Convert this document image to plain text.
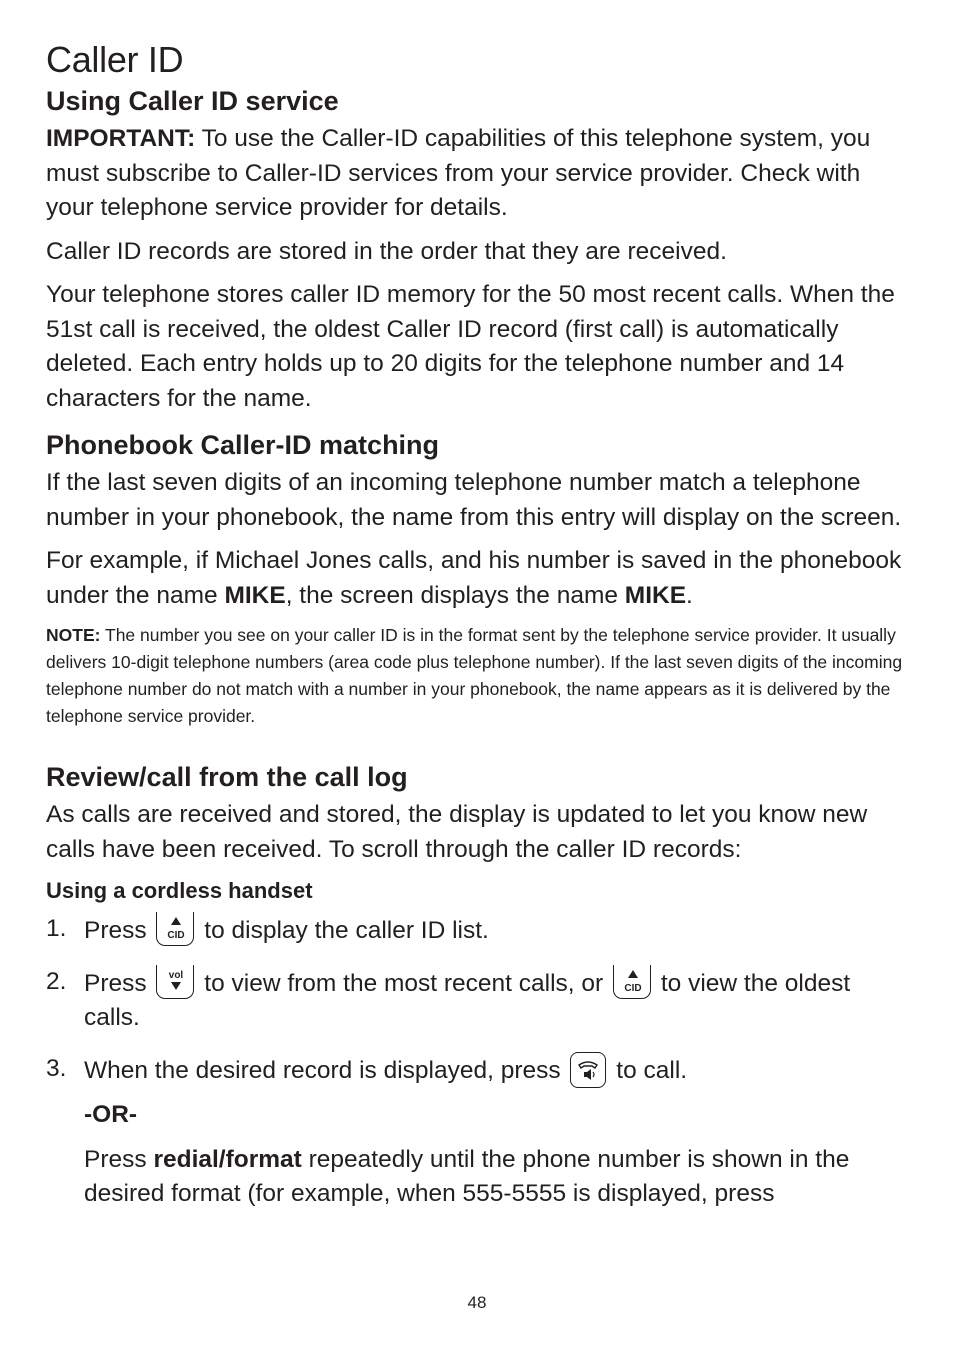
Caller ID
Using Caller ID service

IMPORTANT: To use the Caller-ID capabilities of this telephone system, you must subscribe to Caller-ID services from your service provider. Check with your telephone service provider for details.

Caller ID records are stored in the order that they are received.

Your telephone stores caller ID memory for the 50 most recent calls. When the 51st call is received, the oldest Caller ID record (first call) is automatically deleted. Each entry holds up to 20 digits for the telephone number and 14 characters for the name.

Phonebook Caller-ID matching

If the last seven digits of an incoming telephone number match a telephone number in your phonebook, the name from this entry will display on the screen.

For example, if Michael Jones calls, and his number is saved in the phonebook under the name MIKE, the screen displays the name MIKE.

NOTE: The number you see on your caller ID is in the format sent by the telephone service provider. It usually delivers 10-digit telephone numbers (area code plus telephone number). If the last seven digits of the incoming telephone number do not match with a number in your phonebook, the name appears as it is delivered by the telephone service provider.

Review/call from the call log

As calls are received and stored, the display is updated to let you know new calls have been received. To scroll through the caller ID records:

Using a cordless handset
1. Press CID to display the caller ID list.
2. Press vol to view from the most recent calls, or CID to view the oldest calls.
3. When the desired record is displayed, press to call.
-OR-
Press redial/format repeatedly until the phone number is shown in the desired format (for example, when 555-5555 is displayed, press
48
